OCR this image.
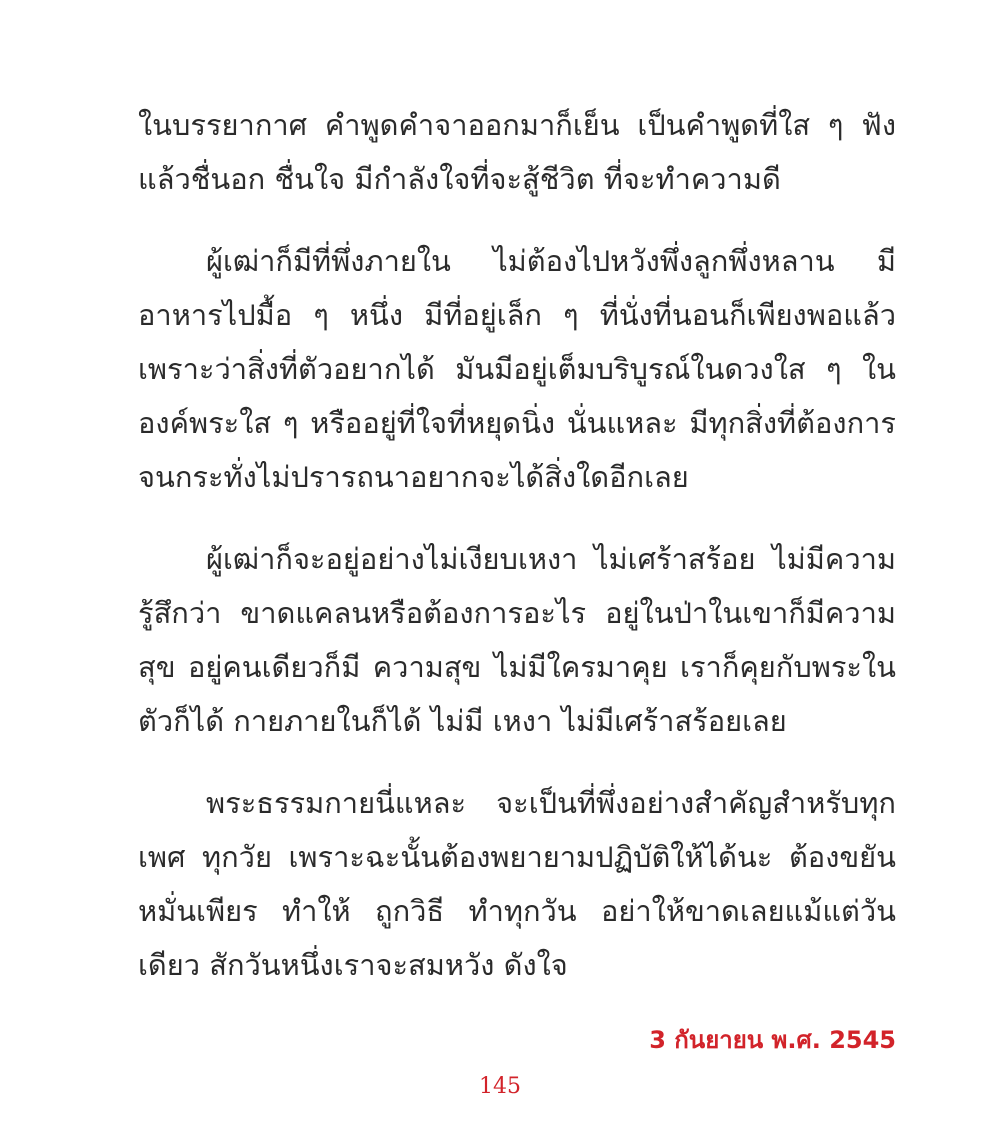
ในบรรยากาศ คำพูดคำจาออกมาก็เย็น เป็นคำพูดที่ใส ๆ ฟังแล้วชื่นอก ชื่นใจ มีกำลังใจที่จะสู้ชีวิต ที่จะทำความดี

ผู้เฒ่าก็มีที่พึ่งภายใน ไม่ต้องไปหวังพึ่งลูกพึ่งหลาน มีอาหารไปมื้อ ๆ หนึ่ง มีที่อยู่เล็ก ๆ ที่นั่งที่นอนก็เพียงพอแล้ว เพราะว่าสิ่งที่ตัวอยากได้ มันมีอยู่เต็มบริบูรณ์ในดวงใส ๆ ในองค์พระใส ๆ หรืออยู่ที่ใจที่หยุดนิ่ง นั่นแหละ มีทุกสิ่งที่ต้องการ จนกระทั่งไม่ปรารถนาอยากจะได้สิ่งใดอีกเลย

ผู้เฒ่าก็จะอยู่อย่างไม่เงียบเหงา ไม่เศร้าสร้อย ไม่มีความรู้สึกว่า ขาดแคลนหรือต้องการอะไร อยู่ในป่าในเขาก็มีความสุข อยู่คนเดียวก็มี ความสุข ไม่มีใครมาคุย เราก็คุยกับพระในตัวก็ได้ กายภายในก็ได้ ไม่มี เหงา ไม่มีเศร้าสร้อยเลย

พระธรรมกายนี่แหละ จะเป็นที่พึ่งอย่างสำคัญสำหรับทุกเพศ ทุกวัย เพราะฉะนั้นต้องพยายามปฏิบัติให้ได้นะ ต้องขยันหมั่นเพียร ทำให้ ถูกวิธี ทำทุกวัน อย่าให้ขาดเลยแม้แต่วันเดียว สักวันหนึ่งเราจะสมหวัง ดังใจ

3 กันยายน พ.ศ. 2545
145
